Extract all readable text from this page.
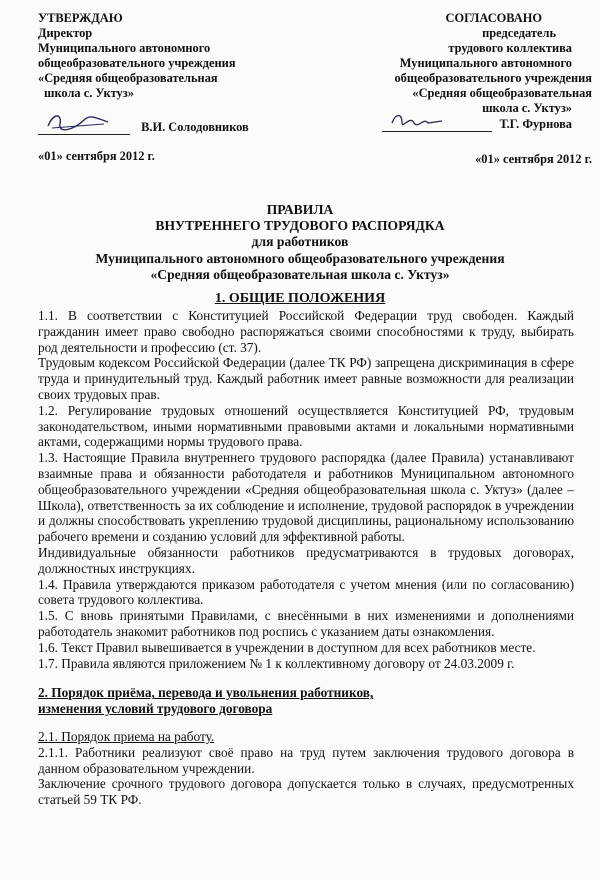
УТВЕРЖДАЮ
Директор
Муниципального автономного
общеобразовательного учреждения
«Средняя общеобразовательная
школа с. Уктуз»
В.И. Солодовников
«01» сентября 2012 г.
СОГЛАСОВАНО
председатель
трудового коллектива
Муниципального автономного
общеобразовательного учреждения
«Средняя общеобразовательная
школа с. Уктуз»
Т.Г. Фурнова
«01» сентября 2012 г.
ПРАВИЛА
ВНУТРЕННЕГО ТРУДОВОГО РАСПОРЯДКА
для работников
Муниципального автономного общеобразовательного учреждения
«Средняя общеобразовательная школа с. Уктуз»
1. ОБЩИЕ ПОЛОЖЕНИЯ

1.1. В соответствии с Конституцией Российской Федерации труд свободен. Каждый гражданин имеет право свободно распоряжаться своими способностями к труду, выбирать род деятельности и профессию (ст. 37).

Трудовым кодексом Российской Федерации (далее ТК РФ) запрещена дискриминация в сфере труда и принудительный труд. Каждый работник имеет равные возможности для реализации своих трудовых прав.

1.2. Регулирование трудовых отношений осуществляется Конституцией РФ, трудовым законодательством, иными нормативными правовыми актами и локальными нормативными актами, содержащими нормы трудового права.

1.3. Настоящие Правила внутреннего трудового распорядка (далее Правила) устанавливают взаимные права и обязанности работодателя и работников Муниципальном автономного общеобразовательного учреждении «Средняя общеобразовательная школа с. Уктуз» (далее – Школа), ответственность за их соблюдение и исполнение, трудовой распорядок в учреждении и должны способствовать укреплению трудовой дисциплины, рациональному использованию рабочего времени и созданию условий для эффективной работы.

Индивидуальные обязанности работников предусматриваются в трудовых договорах, должностных инструкциях.

1.4. Правила утверждаются приказом работодателя с учетом мнения (или по согласованию) совета трудового коллектива.

1.5. С вновь принятыми Правилами, с внесёнными в них изменениями и дополнениями работодатель знакомит работников под роспись с указанием даты ознакомления.

1.6. Текст Правил вывешивается в учреждении в доступном для всех работников месте.

1.7. Правила являются приложением № 1 к коллективному договору от 24.03.2009 г.

2. Порядок приёма, перевода и увольнения работников,
изменения условий трудового договора
2.1. Порядок приема на работу.

2.1.1. Работники реализуют своё право на труд путем заключения трудового договора в данном образовательном учреждении.

Заключение срочного трудового договора допускается только в случаях, предусмотренных статьей 59 ТК РФ.
